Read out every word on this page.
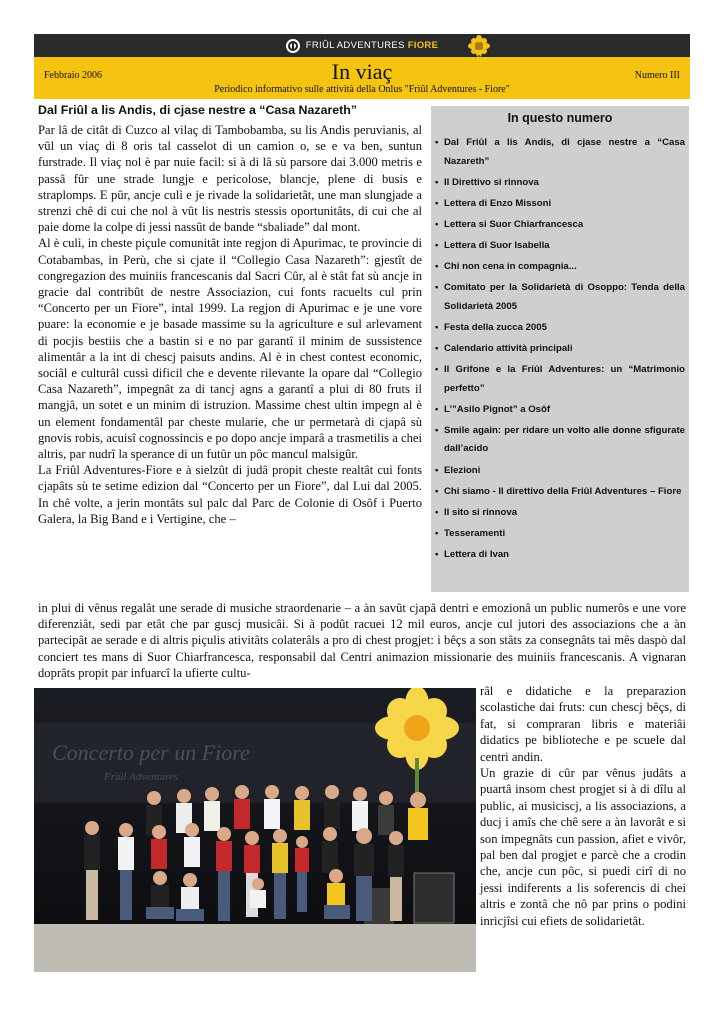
FRIÛL ADVENTURES FIORE
Febbraio 2006	In viaç	Numero III
Periodico informativo sulle attività della Onlus "Friûl Adventures - Fiore"
Dal Friûl a lis Andis, di cjase nestre a “Casa Nazareth”

Par lâ de citât di Cuzco al vilaç di Tambobamba, su lis Andis peruvianis, al vûl un viaç di 8 oris tal casselot di un camion o, se e va ben, suntun furstrade. Il viaç nol è par nuie facil: si à di lâ sù parsore dai 3.000 metris e passâ fûr une strade lungje e pericolose, blancje, plene di busis e straplomps. E pûr, ancje culì e je rivade la solidarietât, une man slungjade a strenzi chê di cui che nol à vût lis nestris stessis oportunitâts, di cui che al paie dome la colpe di jessi nassût de bande “sbaliade” dal mont.

Al è culì, in cheste piçule comunitât inte regjon di Apurimac, te provincie di Cotabambas, in Perù, che si cjate il “Collegio Casa Nazareth”: gjestît de congregazion des muiniis francescanis dal Sacri Cûr, al è stât fat sù ancje in gracie dal contribût de nestre Associazion, cui fonts racuelts cul prin “Concerto per un Fiore”, intal 1999. La regjon di Apurimac e je une vore puare: la economie e je basade massime su la agriculture e sul arlevament di pocjis bestiis che a bastin si e no par garantî il minim de sussistence alimentâr a la int di chescj paisuts andins. Al è in chest contest economic, sociâl e culturâl cussì dificil che e devente rilevante la opare dal “Collegio Casa Nazareth”, impegnât za di tancj agns a garantî a plui di 80 fruts il mangjâ, un sotet e un minim di istruzion. Massime chest ultin impegn al è un element fondamentâl par cheste mularie, che ur permetarà di cjapâ sù gnovis robis, acuisî cognossincis e po dopo ancje imparâ a trasmetilis a chei altris, par nudrî la sperance di un futûr un pôc mancul malsigûr.

La Friûl Adventures-Fiore e à sielzût di judâ propit cheste realtât cui fonts cjapâts sù te setime edizion dal “Concerto per un Fiore”, dal Lui dal 2005. In chê volte, a jerin montâts sul palc dal Parc de Colonie di Osôf i Puerto Galera, la Big Band e i Vertigine, che –

In questo numero
• Dal Friûl a lis Andis, di cjase nestre a “Casa Nazareth”
• Il Direttivo si rinnova
• Lettera di Enzo Missoni
• Lettera si Suor Chiarfrancesca
• Lettera di Suor Isabella
• Chi non cena in compagnia...
• Comitato per la Solidarietà di Osoppo: Tenda della Solidarietà 2005
• Festa della zucca 2005
• Calendario attività principali
• Il Grifone e la Friûl Adventures: un “Matrimonio perfetto”
• L’”Asilo Pignot” a Osôf
• Smile again: per ridare un volto alle donne sfigurate dall’acido
• Elezioni
• Chi siamo - Il direttivo della Friûl Adventures – Fiore
• Il sito si rinnova
• Tesseramenti
• Lettera di Ivan

in plui di vênus regalât une serade di musiche straordenarie – a àn savût cjapâ dentri e emozionâ un public numerôs e une vore diferenziât, sedi par etât che par guscj musicâi. Si à podût racuei 12 mil euros, ancje cul jutori des associazions che a àn partecipât ae serade e di altris piçulis ativitâts colaterâls a pro di chest progjet: i bêçs a son stâts za consegnâts tai mês daspò dal conciert tes mans di Suor Chiarfrancesca, responsabil dal Centri animazion missionarie des muiniis francescanis. A vignaran doprâts propit par infuarcî la ufierte cultu-

Concerto per un Fiore
Friûl Adventures

râl e didatiche e la preparazion scolastiche dai fruts: cun chescj bêçs, di fat, si compraran libris e materiâi didatics pe biblioteche e pe scuele dal centri andin.

Un grazie di cûr par vênus judâts a puartâ insom chest progjet si à di dîlu al public, ai musiciscj, a lis associazions, a ducj i amîs che chê sere a àn lavorât e si son impegnâts cun passion, afiet e vivôr, pal ben dal progjet e parcè che a crodin che, ancje cun pôc, si puedi cirî di no jessi indiferents a lis soferencis di chei altris e zontâ che nô par prins o podini inricjîsi cui efiets de solidarietât.
